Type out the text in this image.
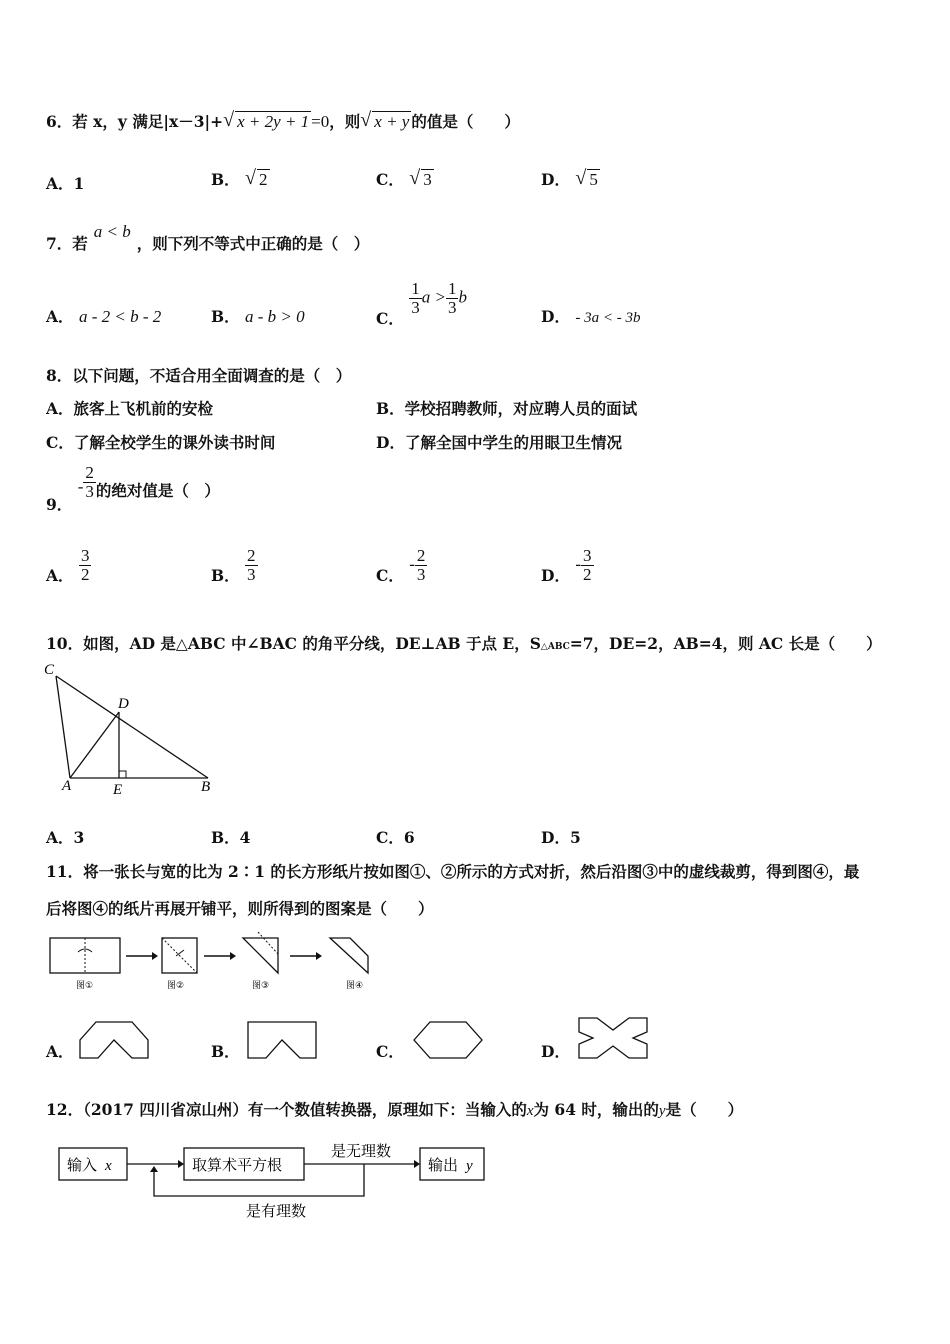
6．若 x，y 满足|x－3|+ √ x + 2y + 1 =0，则 √ x + y 的值是（　　）
A．1	B． √ 2	C． √ 3	D． √ 5
7．若a < b，则下列不等式中正确的是（　）
A． a - 2 < b - 2	B． a - b > 0	C．
$\frac{1}{3}$ $a > \frac{1}{3}$ b
D． - 3a < - 3b
8．以下问题，不适合用全面调查的是（　）
A．旅客上飞机前的安检	B．学校招聘教师，对应聘人员的面试
C．了解全校学生的课外读书时间	D．了解全国中学生的用眼卫生情况
9． - $\frac{2}{3}$ 的绝对值是（　）
A． $\frac{3}{2}$	B． $\frac{2}{3}$	C． - $\frac{2}{3}$	D． - $\frac{3}{2}$
10．如图，AD 是△ABC 中∠BAC 的角平分线，DE⊥AB 于点 E，S△ABC=7，DE=2，AB=4，则 AC 长是（　　）
C
D
A	E	B
A．3	B．4	C．6	D．5
11．将一张长与宽的比为 2∶1 的长方形纸片按如图①、②所示的方式对折，然后沿图③中的虚线裁剪，得到图④，最
后将图④的纸片再展开铺平，则所得到的图案是（　　）
图①	图②	图③	图④
A．	B．	C．	D．
12．（2017 四川省凉山州）有一个数值转换器，原理如下：当输入的x为 64 时，输出的y是（　　）
输入 x	取算术平方根
是无理数
输出 y
是有理数
